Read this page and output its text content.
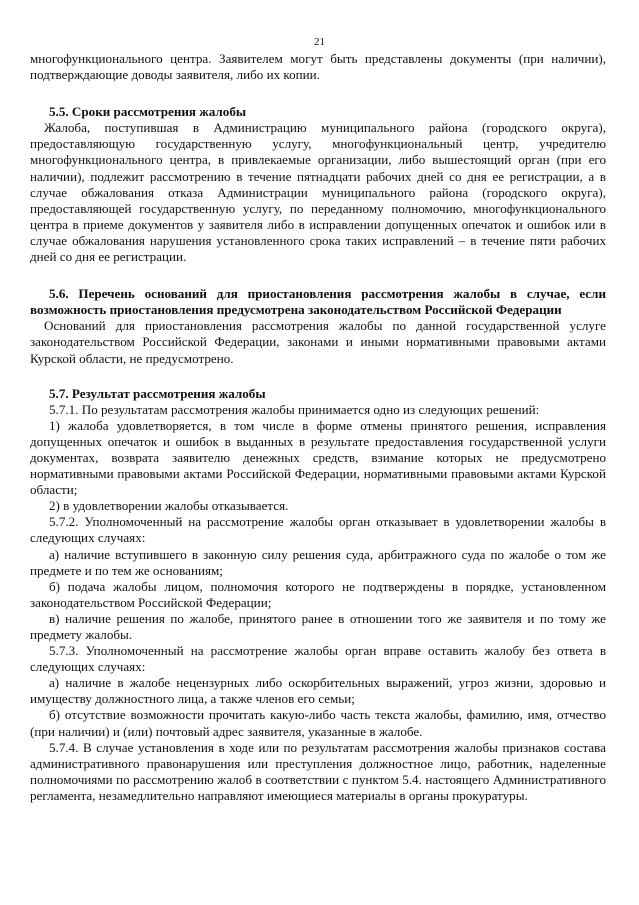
21

многофункционального центра. Заявителем могут быть представлены документы (при наличии), подтверждающие доводы заявителя, либо их копии.

5.5. Сроки рассмотрения жалобы

Жалоба, поступившая в Администрацию муниципального района (городского округа), предоставляющую государственную услугу, многофункциональный центр, учредителю многофункционального центра, в привлекаемые организации, либо вышестоящий орган (при его наличии), подлежит рассмотрению в течение пятнадцати рабочих дней со дня ее регистрации, а в случае обжалования отказа Администрации муниципального района (городского округа), предоставляющей государственную услугу, по переданному полномочию, многофункционального центра в приеме документов у заявителя либо в исправлении допущенных опечаток и ошибок или в случае обжалования нарушения установленного срока таких исправлений – в течение пяти рабочих дней со дня ее регистрации.

5.6. Перечень оснований для приостановления рассмотрения жалобы в случае, если возможность приостановления предусмотрена законодательством Российской Федерации

Оснований для приостановления рассмотрения жалобы по данной государственной услуге законодательством Российской Федерации, законами и иными нормативными правовыми актами Курской области, не предусмотрено.

5.7. Результат рассмотрения жалобы

5.7.1. По результатам рассмотрения жалобы принимается одно из следующих решений:

1) жалоба удовлетворяется, в том числе в форме отмены принятого решения, исправления допущенных опечаток и ошибок в выданных в результате предоставления государственной услуги документах, возврата заявителю денежных средств, взимание которых не предусмотрено нормативными правовыми актами Российской Федерации, нормативными правовыми актами Курской области;

2) в удовлетворении жалобы отказывается.

5.7.2. Уполномоченный на рассмотрение жалобы орган отказывает в удовлетворении жалобы в следующих случаях:

а) наличие вступившего в законную силу решения суда, арбитражного суда по жалобе о том же предмете и по тем же основаниям;

б) подача жалобы лицом, полномочия которого не подтверждены в порядке, установленном законодательством Российской Федерации;

в) наличие решения по жалобе, принятого ранее в отношении того же заявителя и по тому же предмету жалобы.

5.7.3. Уполномоченный на рассмотрение жалобы орган вправе оставить жалобу без ответа в следующих случаях:

а) наличие в жалобе нецензурных либо оскорбительных выражений, угроз жизни, здоровью и имуществу должностного лица, а также членов его семьи;

б) отсутствие возможности прочитать какую-либо часть текста жалобы, фамилию, имя, отчество (при наличии) и (или) почтовый адрес заявителя, указанные в жалобе.

5.7.4. В случае установления в ходе или по результатам рассмотрения жалобы признаков состава административного правонарушения или преступления должностное лицо, работник, наделенные полномочиями по рассмотрению жалоб в соответствии с пунктом 5.4. настоящего Административного регламента, незамедлительно направляют имеющиеся материалы в органы прокуратуры.
